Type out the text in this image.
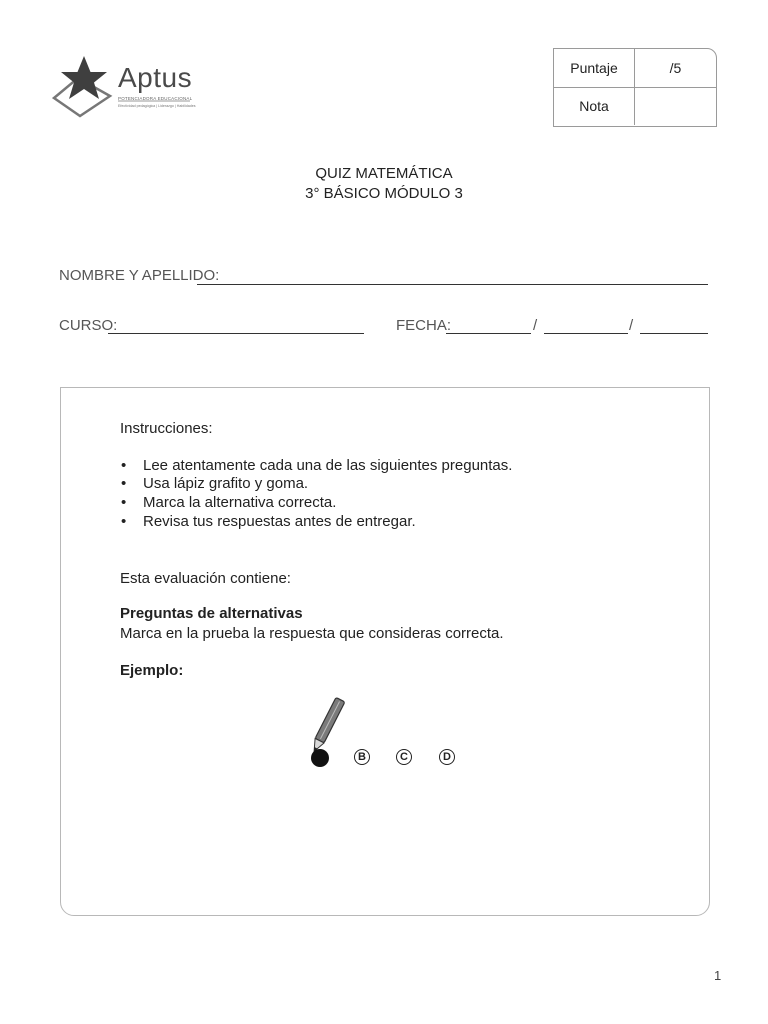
Aptus
POTENCIADORA EDUCACIONAL
Efectividad pedagógica | Liderazgo | Habilidades
Puntaje	/5
Nota
QUIZ MATEMÁTICA
3° BÁSICO MÓDULO 3
NOMBRE Y APELLIDO:
CURSO:	FECHA:	/	/
Instrucciones:
• Lee atentamente cada una de las siguientes preguntas.
• Usa lápiz grafito y goma.
• Marca la alternativa correcta.
• Revisa tus respuestas antes de entregar.
Esta evaluación contiene:
Preguntas de alternativas
Marca en la prueba la respuesta que consideras correcta.
Ejemplo:
B	C	D
1
